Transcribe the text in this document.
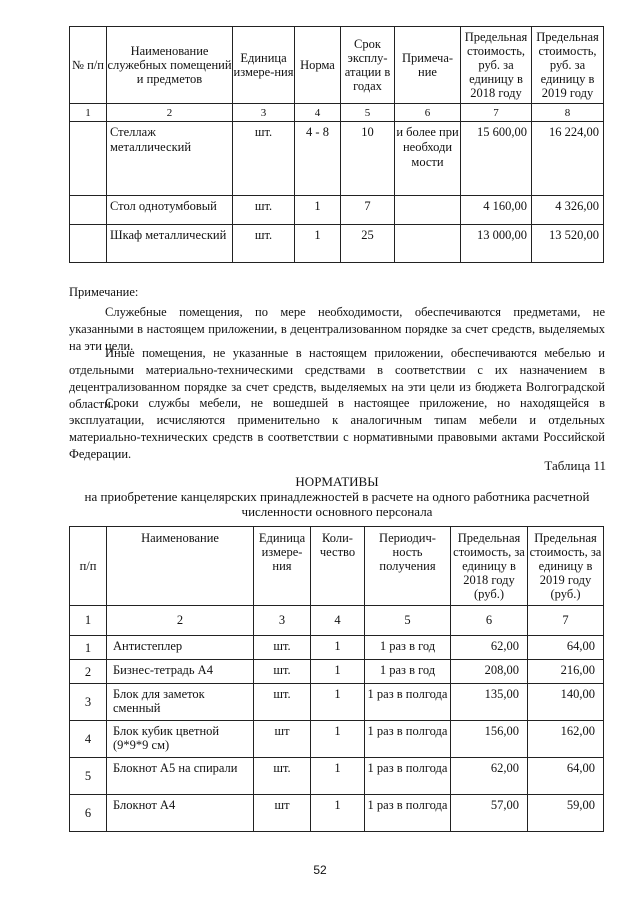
№ п/п	Наименование служебных помещений и предметов	Единица измере-ния	Норма	Срок эксплу-атации в годах	Примеча-ние	Предельная стоимость, руб. за единицу в 2018 году	Предельная стоимость, руб. за единицу в 2019 году
1	2	3	4	5	6	7	8
	Стеллаж металлический	шт.	4 - 8	10	и более при необходи мости	15 600,00	16 224,00
	Стол однотумбовый	шт.	1	7		4 160,00	4 326,00
	Шкаф металлический	шт.	1	25		13 000,00	13 520,00
Примечание:

Служебные помещения, по мере необходимости, обеспечиваются предметами, не указанными в настоящем приложении, в децентрализованном порядке за счет средств, выделяемых на эти цели.

Иные помещения, не указанные в настоящем приложении, обеспечиваются мебелью и отдельными материально-техническими средствами в соответствии с их назначением в децентрализованном порядке за счет средств, выделяемых на эти цели из бюджета Волгоградской области.

Сроки службы мебели, не вошедшей в настоящее приложение, но находящейся в эксплуатации, исчисляются применительно к аналогичным типам мебели и отдельных материально-технических средств в соответствии с нормативными правовыми актами Российской Федерации.

Таблица 11
НОРМАТИВЫ
на приобретение канцелярских принадлежностей в расчете на одного работника расчетной численности основного персонала
п/п	Наименование	Единица измере-ния	Коли-чество	Периодич-ность получения	Предельная стоимость, за единицу в 2018 году (руб.)	Предельная стоимость, за единицу в 2019 году (руб.)
1	2	3	4	5	6	7
1	Антистеплер	шт.	1	1 раз в год	62,00	64,00
2	Бизнес-тетрадь А4	шт.	1	1 раз в год	208,00	216,00
3	Блок для заметок сменный	шт.	1	1 раз в полгода	135,00	140,00
4	Блок кубик цветной (9*9*9 см)	шт	1	1 раз в полгода	156,00	162,00
5	Блокнот А5 на спирали	шт.	1	1 раз в полгода	62,00	64,00
6	Блокнот А4	шт	1	1 раз в полгода	57,00	59,00
52
